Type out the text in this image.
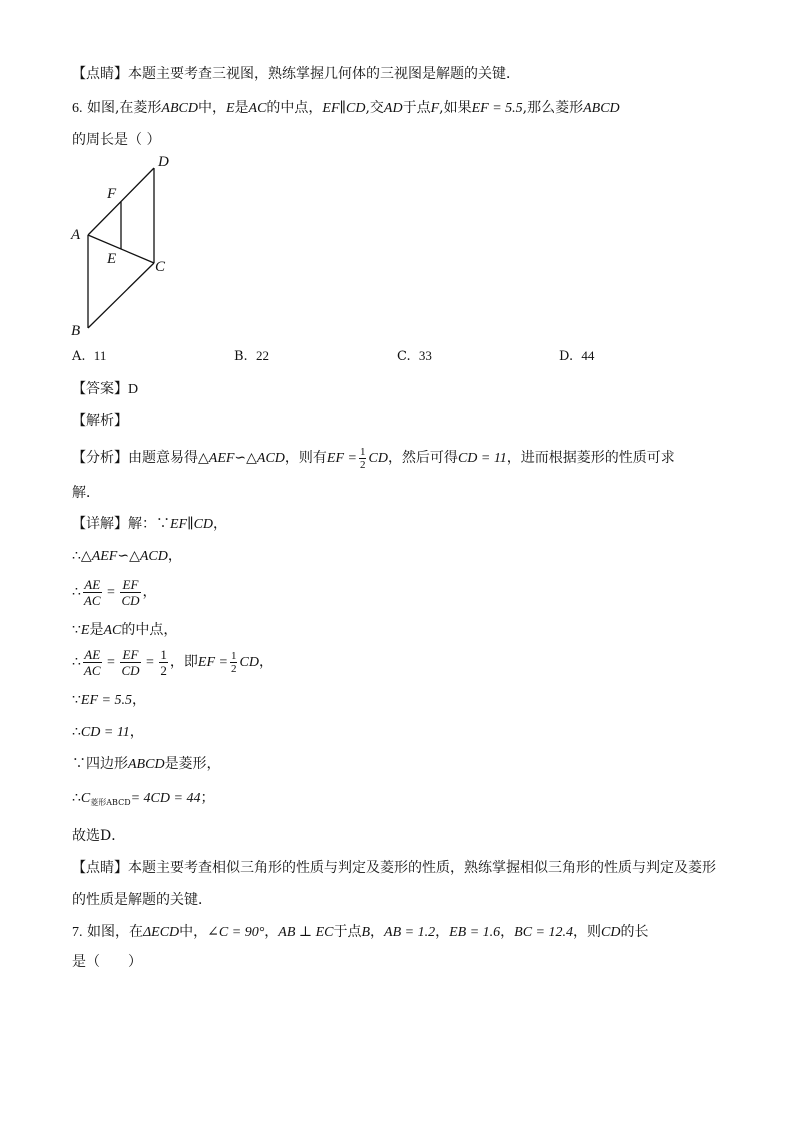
【点睛】本题主要考查三视图，熟练掌握几何体的三视图是解题的关键．
6. 如图,在菱形ABCD中，E是AC的中点，EF∥CD,交AD于点F,如果EF = 5.5,那么菱形ABCD
的周长是（ ）
D
F
A
E	C
B
A. 11	B. 22	C. 33	D. 44
【答案】D
【解析】
【分析】由题意易得△AEF∽△ACD，则有EF = $\frac{1}{2}$ CD，然后可得CD = 11，进而根据菱形的性质可求
解．
【详解】解：∵EF∥CD，
∴△AEF∽△ACD，
∴ $\frac{AE}{AC} = \frac{EF}{CD}$ ，
∵E是AC的中点，
∴ $\frac{AE}{AC} = \frac{EF}{CD} = \frac{1}{2}$ ，即EF = $\frac{1}{2}$ CD，
∵EF = 5.5，
∴CD = 11，
∵四边形ABCD是菱形，
$\therefore C_{菱形ABCD}= 4CD = 44$；
故选D．
【点睛】本题主要考查相似三角形的性质与判定及菱形的性质，熟练掌握相似三角形的性质与判定及菱形
的性质是解题的关键．
7. 如图，在ΔECD中，∠C = 90°，AB ⊥ EC于点B，AB = 1.2，EB = 1.6，BC = 12.4，则CD的长
是（　　）
